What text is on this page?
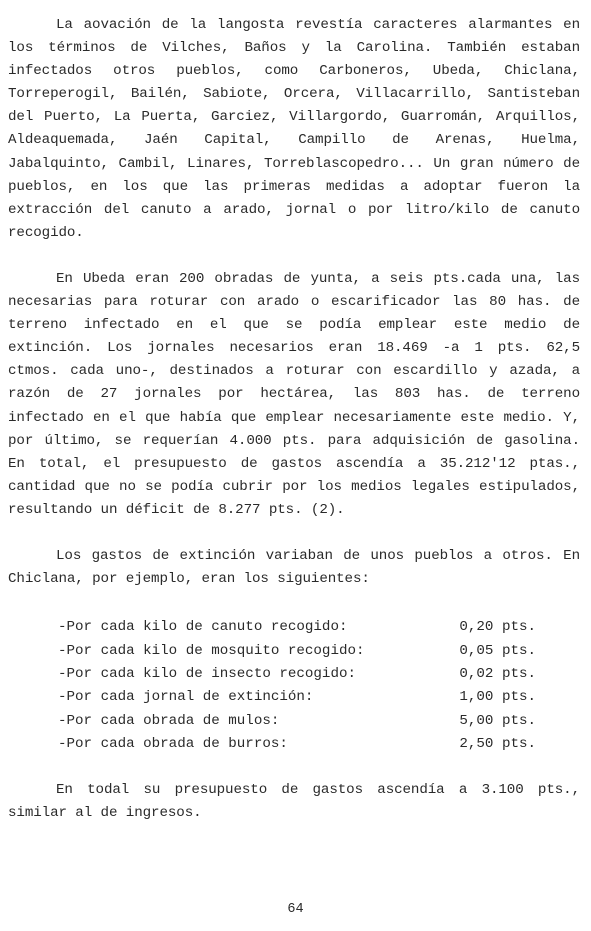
La aovación de la langosta revestía caracteres alarmantes en los términos de Vilches, Baños y la Carolina. También estaban infectados otros pueblos, como Carboneros, Ubeda, Chiclana, Torreperogil, Bailén, Sabiote, Orcera, Villacarrillo, Santisteban del Puerto, La Puerta, Garciez, Villargordo, Guarromán, Arquillos, Aldeaquemada, Jaén Capital, Campillo de Arenas, Huelma, Jabalquinto, Cambil, Linares, Torreblascopedro... Un gran número de pueblos, en los que las primeras medidas a adoptar fueron la extracción del canuto a arado, jornal o por litro/kilo de canuto recogido.

En Ubeda eran 200 obradas de yunta, a seis pts.cada una, las necesarias para roturar con arado o escarificador las 80 has. de terreno infectado en el que se podía emplear este medio de extinción. Los jornales necesarios eran 18.469 -a 1 pts. 62,5 ctmos. cada uno-, destinados a roturar con escardillo y azada, a razón de 27 jornales por hectárea, las 803 has. de terreno infectado en el que había que emplear necesariamente este medio. Y, por último, se requerían 4.000 pts. para adquisición de gasolina. En total, el presupuesto de gastos ascendía a 35.212'12 ptas., cantidad que no se podía cubrir por los medios legales estipulados, resultando un déficit de 8.277 pts. (2).

Los gastos de extinción variaban de unos pueblos a otros. En Chiclana, por ejemplo, eran los siguientes:

-Por cada kilo de canuto recogido:	0,20 pts.
-Por cada kilo de mosquito recogido:	0,05 pts.
-Por cada kilo de insecto recogido:	0,02 pts.
-Por cada jornal de extinción:	1,00 pts.
-Por cada obrada de mulos:	5,00 pts.
-Por cada obrada de burros:	2,50 pts.

En todal su presupuesto de gastos ascendía a 3.100 pts., similar al de ingresos.

64
